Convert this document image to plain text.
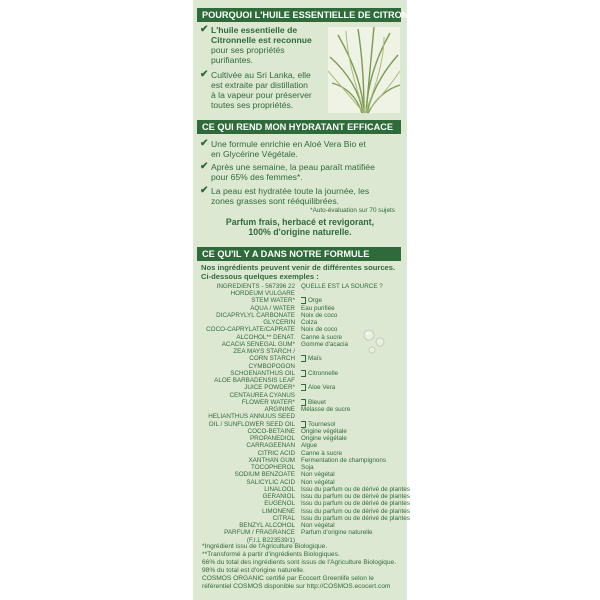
POURQUOI L'HUILE ESSENTIELLE DE CITRONNELLE
✔ L'huile essentielle de
Citronnelle est reconnue
pour ses propriétés
purifiantes.
✔ Cultivée au Sri Lanka, elle
est extraite par distillation
à la vapeur pour préserver
toutes ses propriétés.
CE QUI REND MON HYDRATANT EFFICACE
✔ Une formule enrichie en Aloé Vera Bio et
en Glycérine Végétale.
✔ Après une semaine, la peau paraît matifiée
pour 65% des femmes*.
✔ La peau est hydratée toute la journée, les
zones grasses sont rééquilibrées.
*Auto-évaluation sur 70 sujets
Parfum frais, herbacé et revigorant,
100% d'origine naturelle.
CE QU'IL Y A DANS NOTRE FORMULE
Nos ingrédients peuvent venir de différentes sources.
Ci-dessous quelques exemples :
INGREDIENTS - 567396 22 QUELLE EST LA SOURCE ?
HORDEUM VULGARE
STEM WATER*	Orge
AQUA / WATER Eau purifiée
DICAPRYLYL CARBONATE Noix de coco
GLYCERIN Colza
COCO-CAPRYLATE/CAPRATE Noix de coco
ALCOHOL** DENAT. Canne à sucre
ACACIA SENEGAL GUM* Gomme d'acacia
ZEA MAYS STARCH /
CORN STARCH	Maïs
CYMBOPOGON
SCHOENANTHUS OIL	Citronnelle
ALOE BARBADENSIS LEAF
JUICE POWDER*	Aloe Vera
CENTAUREA CYANUS
FLOWER WATER*	Bleuet
ARGININE Mélasse de sucre
HELIANTHUS ANNUUS SEED
OIL / SUNFLOWER SEED OIL	Tournesol
COCO-BETAINE Origine végétale
PROPANEDIOL Origine végétale
CARRAGEENAN Algue
CITRIC ACID Canne à sucre
XANTHAN GUM Fermentation de champignons
TOCOPHEROL Soja
SODIUM BENZOATE Non végétal
SALICYLIC ACID Non végétal
LINALOOL Issu du parfum ou de dérivé de plantes
GERANIOL Issu du parfum ou de dérivé de plantes
EUGENOL Issu du parfum ou de dérivé de plantes
LIMONENE Issu du parfum ou de dérivé de plantes
CITRAL Issu du parfum ou de dérivé de plantes
BENZYL ALCOHOL Non végétal
PARFUM / FRAGRANCE Parfum d'origine naturelle
(F.I.L B223539/1)
*Ingrédient issu de l'Agriculture Biologique.
**Transformé à partir d'ingrédients Biologiques.
66% du total des ingrédients sont issus de l'Agriculture Biologique.
98% du total est d'origine naturelle.
COSMOS ORGANIC certifié par Ecocert Greenlife selon le
référentiel COSMOS disponible sur http://COSMOS.ecocert.com
